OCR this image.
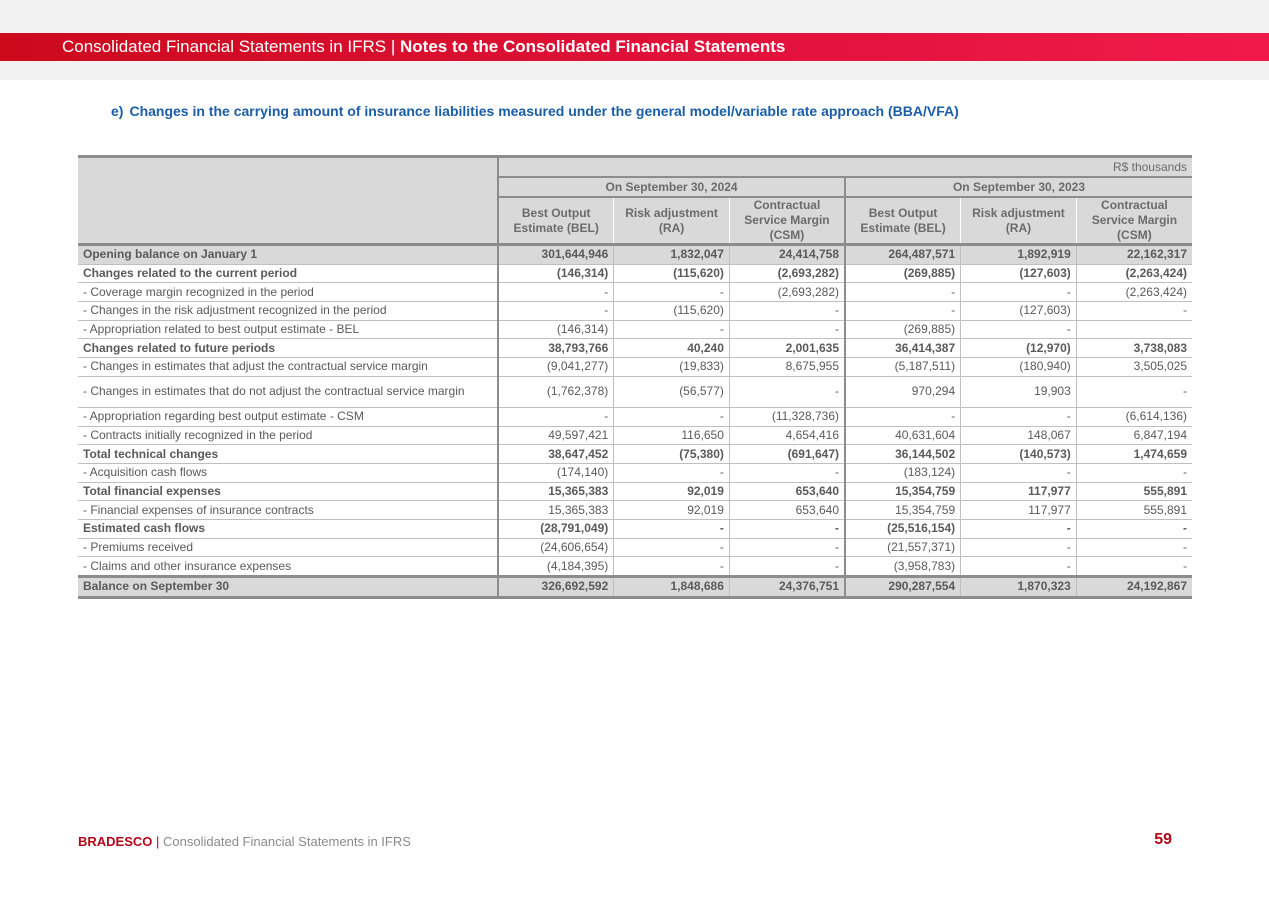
Consolidated Financial Statements in IFRS | Notes to the Consolidated Financial Statements
e) Changes in the carrying amount of insurance liabilities measured under the general model/variable rate approach (BBA/VFA)
	R$ thousands					
	On September 30, 2024			On September 30, 2023		
	Best Output Estimate (BEL)	Risk adjustment (RA)	Contractual Service Margin (CSM)	Best Output Estimate (BEL)	Risk adjustment (RA)	Contractual Service Margin (CSM)
Opening balance on January 1	301,644,946	1,832,047	24,414,758	264,487,571	1,892,919	22,162,317
Changes related to the current period	(146,314)	(115,620)	(2,693,282)	(269,885)	(127,603)	(2,263,424)
- Coverage margin recognized in the period	-	-	(2,693,282)	-	-	(2,263,424)
- Changes in the risk adjustment recognized in the period	-	(115,620)	-	-	(127,603)	-
- Appropriation related to best output estimate - BEL	(146,314)	-	-	(269,885)	-	
Changes related to future periods	38,793,766	40,240	2,001,635	36,414,387	(12,970)	3,738,083
- Changes in estimates that adjust the contractual service margin	(9,041,277)	(19,833)	8,675,955	(5,187,511)	(180,940)	3,505,025
- Changes in estimates that do not adjust the contractual service margin	(1,762,378)	(56,577)	-	970,294	19,903	-
- Appropriation regarding best output estimate - CSM	-	-	(11,328,736)	-	-	(6,614,136)
- Contracts initially recognized in the period	49,597,421	116,650	4,654,416	40,631,604	148,067	6,847,194
Total technical changes	38,647,452	(75,380)	(691,647)	36,144,502	(140,573)	1,474,659
- Acquisition cash flows	(174,140)	-	-	(183,124)	-	-
Total financial expenses	15,365,383	92,019	653,640	15,354,759	117,977	555,891
- Financial expenses of insurance contracts	15,365,383	92,019	653,640	15,354,759	117,977	555,891
Estimated cash flows	(28,791,049)	-	-	(25,516,154)	-	-
- Premiums received	(24,606,654)	-	-	(21,557,371)	-	-
- Claims and other insurance expenses	(4,184,395)	-	-	(3,958,783)	-	-
Balance on September 30	326,692,592	1,848,686	24,376,751	290,287,554	1,870,323	24,192,867
BRADESCO | Consolidated Financial Statements in IFRS	59
